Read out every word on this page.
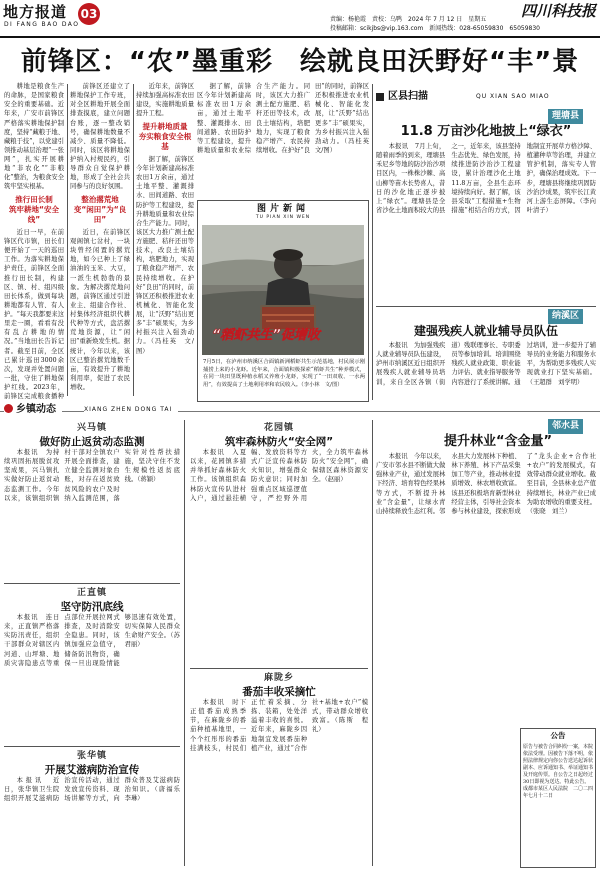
地方报道
DI FANG BAO DAO
03	四川科技报
责编：杨艳霞　责校：乌鸭　2024 年 7 月 12 日　星期五
投稿邮箱：scikjbs@vip.163.com　新闻热线：028-65059830　65059830
前锋区：“农”墨重彩　绘就良田沃野好“丰”景

耕地是粮食生产的命脉，是国家粮食安全的重要基础。近年来，广安市前锋区严格落实耕地保护制度，坚持“藏粮于地、藏粮于技”，以党建引领推动基层治理“一张网”，扎实开展耕地“非农化”“非粮化”整治，为粮食安全筑牢坚实根基。

推行田长制
筑牢耕地“安全线”

近日一早，在前锋区代市镇，田长们便开始了一天的巡田工作。为落实耕地保护责任，前锋区全面推行田长制，构建区、镇、村、组四级田长体系，做到每块耕地都有人管、有人护。“每天我都要来这里走一圈，看看有没有乱占耕地的情况。”当地田长告诉记者。截至目前，全区已累计巡田3000余次，发现并处置问题一批，守住了耕地保护红线。2023年，前锋区完成粮食播种

前锋区还建立了耕地保护工作专班，对全区耕地开展全面排查摸底，建立问题台账，逐一整改销号，确保耕地数量不减少、质量不降低。同时，该区将耕地保护纳入村规民约，引导群众自觉保护耕地，形成了全社会共同参与的良好氛围。

整治撂荒地
变“闲田”为“良田”

近日，在前锋区观阁镇七岔村，一块块曾经闲置的撂荒地，如今已种上了绿油油的玉米、大豆，一派生机勃勃的景象。为解决撂荒地问题，前锋区通过引进业主、组建合作社、村集体经济组织代耕代种等方式，盘活撂荒地资源，让“闲田”重新焕发生机。据统计，今年以来，该区已整治撂荒地数千亩，有效提升了耕地利用率，促进了农民增收。

近年来，前锋区持续加强高标准农田建设，实施耕地质量提升工程。

提升耕地质量
夯实粮食安全根基

据了解，前锋区今年计划新建高标准农田1万余亩，通过土地平整、灌溉排水、田间道路、农田防护等工程建设，提升耕地质量和农业综合生产能力。同时，该区大力推广测土配方施肥、秸秆还田等技术，改良土壤结构，培肥地力，实现了粮食稳产增产、农民持续增收。在护好“良田”的同时，前锋区还积极推进农业机械化、智能化发展，让“沃野”结出更多“丰”硕果实，为乡村振兴注入强劲动力。（冯桂英　文/图）

据了解，前锋区今年计划新建高标准农田1万余亩，通过土地平整、灌溉排水、田间道路、农田防护等工程建设，提升耕地质量和农业综合生产能力。同时，该区大力推广测土配方施肥、秸秆还田等技术，改良土壤结构，培肥地力，实现了粮食稳产增产、农民持续增收。在护好“良田”的同时，前锋区还积极推进农业机械化、智能化发展，让“沃野”结出更多“丰”硕果实，为乡村振兴注入强劲动力。（冯桂英　文/图）

图片新闻
TU PIAN XIN WEN
“稻虾共生”促增收
7月5日，在泸州市纳溪区合面镇新洲稻虾共生示范基地，村民展示刚捕捞上来的小龙虾。近年来，合面镇积极探索“稻虾共生”种养模式，在同一块田里既种植水稻又养殖小龙虾，实现了“一田双收、一水两用”，有效提高了土地利用率和农民收入。（李小林　文/图）
区县扫描	QU XIAN SAO MIAO
理塘县
11.8 万亩沙化地披上“绿衣”

本报讯　7月上旬，随着雨季的到来，理塘县禾尼乡等地的防沙治沙项目区内，一株株沙棘、高山柳等苗木长势喜人，昔日的沙化地正逐步披上“绿衣”。理塘县是全省沙化土地面积较大的县之一，近年来，该县坚持生态优先、绿色发展，持续推进防沙治沙工程建设，累计治理沙化土地11.8万亩，全县生态环境持续向好。据了解，该县采取“工程措施+生物措施”相结合的方式，因地制宜开展草方格沙障、植灌种草等治理，并建立管护机制，落实专人管护，确保治理成效。下一步，理塘县将继续巩固防沙治沙成果，筑牢长江黄河上游生态屏障。（李向　叶清子）

纳溪区
建强残疾人就业辅导员队伍

本报讯　为加强残疾人就业辅导员队伍建设，泸州市纳溪区近日组织开展残疾人就业辅导员培训，来自全区各镇（街道）残联理事长、专职委员等参加培训。培训围绕残疾人就业政策、职业能力评估、就业指导服务等内容进行了系统讲解。通过培训，进一步提升了辅导员的业务能力和服务水平，为帮助更多残疾人实现就业打下坚实基础。（王超群　刘学明）

乡镇动态	XIANG ZHEN DONG TAI
邻水县
提升林业“含金量”

本报讯　今年以来，广安市邻水县不断做大做强林业产业，通过发展林下经济、培育特色经果林等方式，不断提升林业“含金量”，让绿水青山持续释放生态红利。邻水县大力发展林下种植、林下养殖、林下产品采集加工等产业，推动林业提质增效、林农增收致富。该县还积极培育新型林业经营主体，引导社会资本参与林业建设，探索形成了“龙头企业+合作社+农户”的发展模式，有效带动群众就业增收。截至目前，全县林业总产值持续增长，林业产业已成为助农增收的重要支柱。（张晓　刘兰）

兴马镇
做好防止返贫动态监测

本报讯　为持续巩固拓展脱贫攻坚成果，兴马镇扎实做好防止返贫动态监测工作。今年以来，该镇组织镇村干部对全镇农户开展全面排查，建立健全监测对象台账，对存在返贫致贫风险的农户及时纳入监测范围，落实针对性帮扶措施，坚决守住不发生规模性返贫底线。（蒋颖）

正直镇
坚守防汛底线

本报讯　连日来，正直镇严格落实防汛责任，组织干部群众对辖区内河道、山坪塘、地质灾害隐患点等重点部位开展拉网式排查，及时消除安全隐患。同时，该镇加强应急值守，储备防汛物资，确保一旦出现险情能够迅速有效处置，切实保障人民群众生命财产安全。（苏君丽）

张华镇
开展艾滋病防治宣传

本报讯　近日，张华镇卫生院组织开展艾滋病防治宣传活动，通过发放宣传资料、现场讲解等方式，向群众普及艾滋病防治知识。（唐福乐　李琳）

花园镇
筑牢森林防火“安全网”

本报讯　入夏以来，花园镇多措并举抓好森林防火工作。该镇组织森林防火宣传队进村入户，通过悬挂横幅、发放资料等方式广泛宣传森林防火知识，增强群众防火意识；同时加强重点区域巡逻值守，严控野外用火，全力筑牢森林防火“安全网”，确保辖区森林资源安全。（赵丽）

麻陇乡
番茄丰收采摘忙

本报讯　时下正值番茄成熟季节，在麻陇乡的番茄种植基地里，一个个红彤彤的番茄挂满枝头，村民们正忙着采摘、分拣、装箱，处处洋溢着丰收的喜悦。近年来，麻陇乡因地制宜发展番茄种植产业，通过“合作社+基地+农户”模式，带动群众增收致富。（陈斯　程礼）

公告
原告与被告合同纠纷一案，本院依法受理。因被告下落不明，依照法律规定向你公告送达起诉状副本、应诉通知书、举证通知书及开庭传票。自公告之日起经过30日即视为送达。特此公告。成都市某区人民法院　二〇二四年七月十二日
